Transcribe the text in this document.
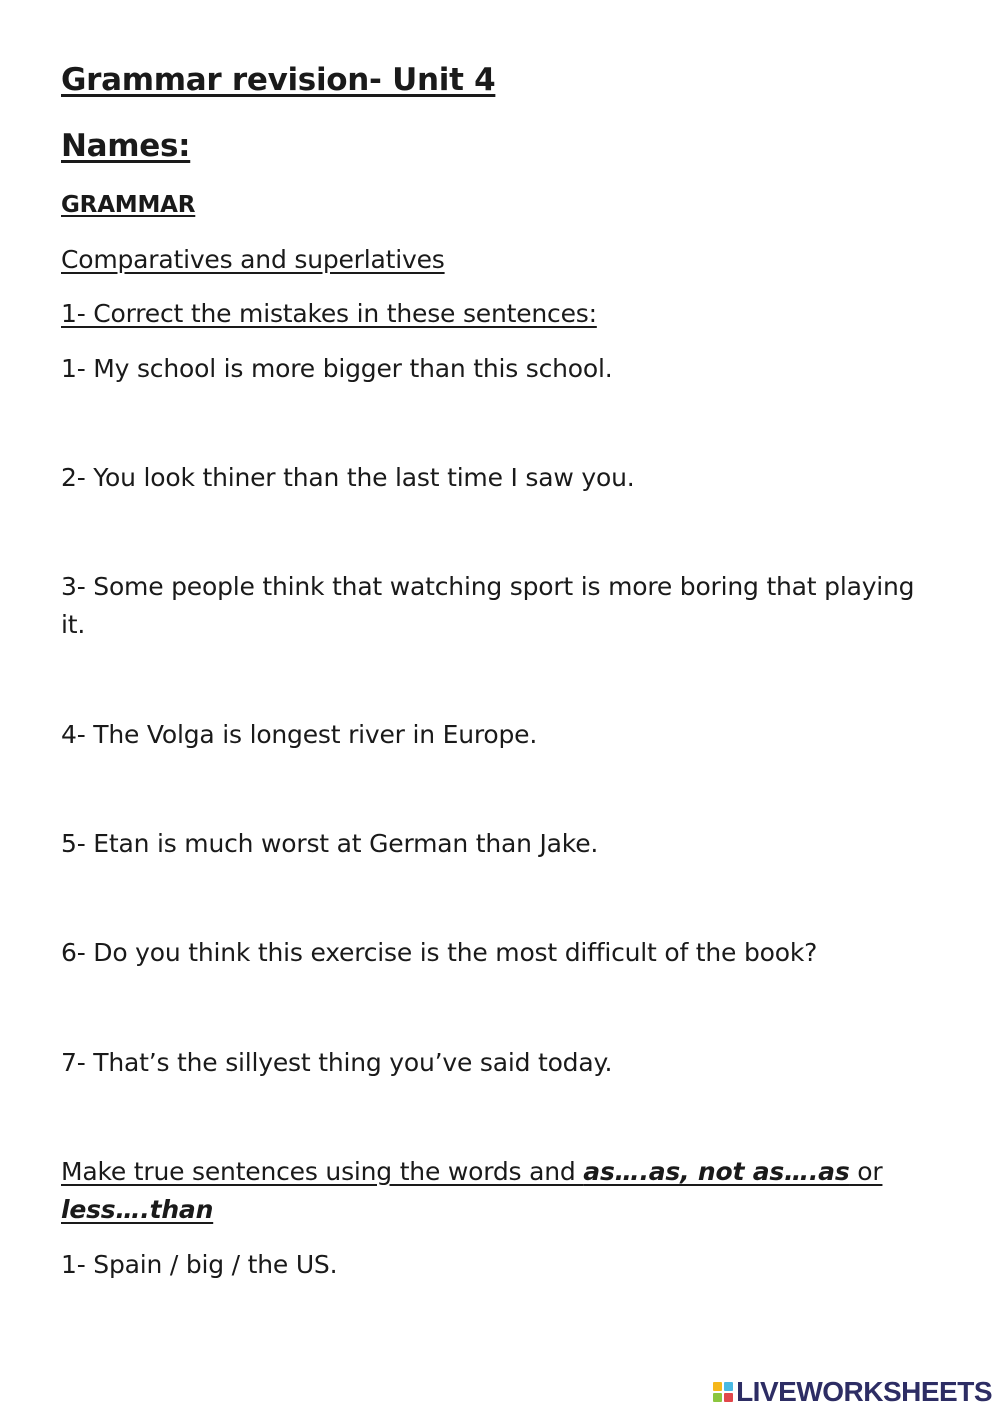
Grammar revision- Unit 4
Names:
GRAMMAR
Comparatives and superlatives
1- Correct the mistakes in these sentences:
1- My school is more bigger than this school.
2- You look thiner than the last time I saw you.
3- Some people think that watching sport is more boring that playing it.
4- The Volga is longest river in Europe.
5- Etan is much worst at German than Jake.
6- Do you think this exercise is the most difficult of the book?
7- That’s the sillyest thing you’ve said today.
Make true sentences using the words and as….as, not as….as or less….than
1- Spain / big / the US.
LIVEWORKSHEETS
